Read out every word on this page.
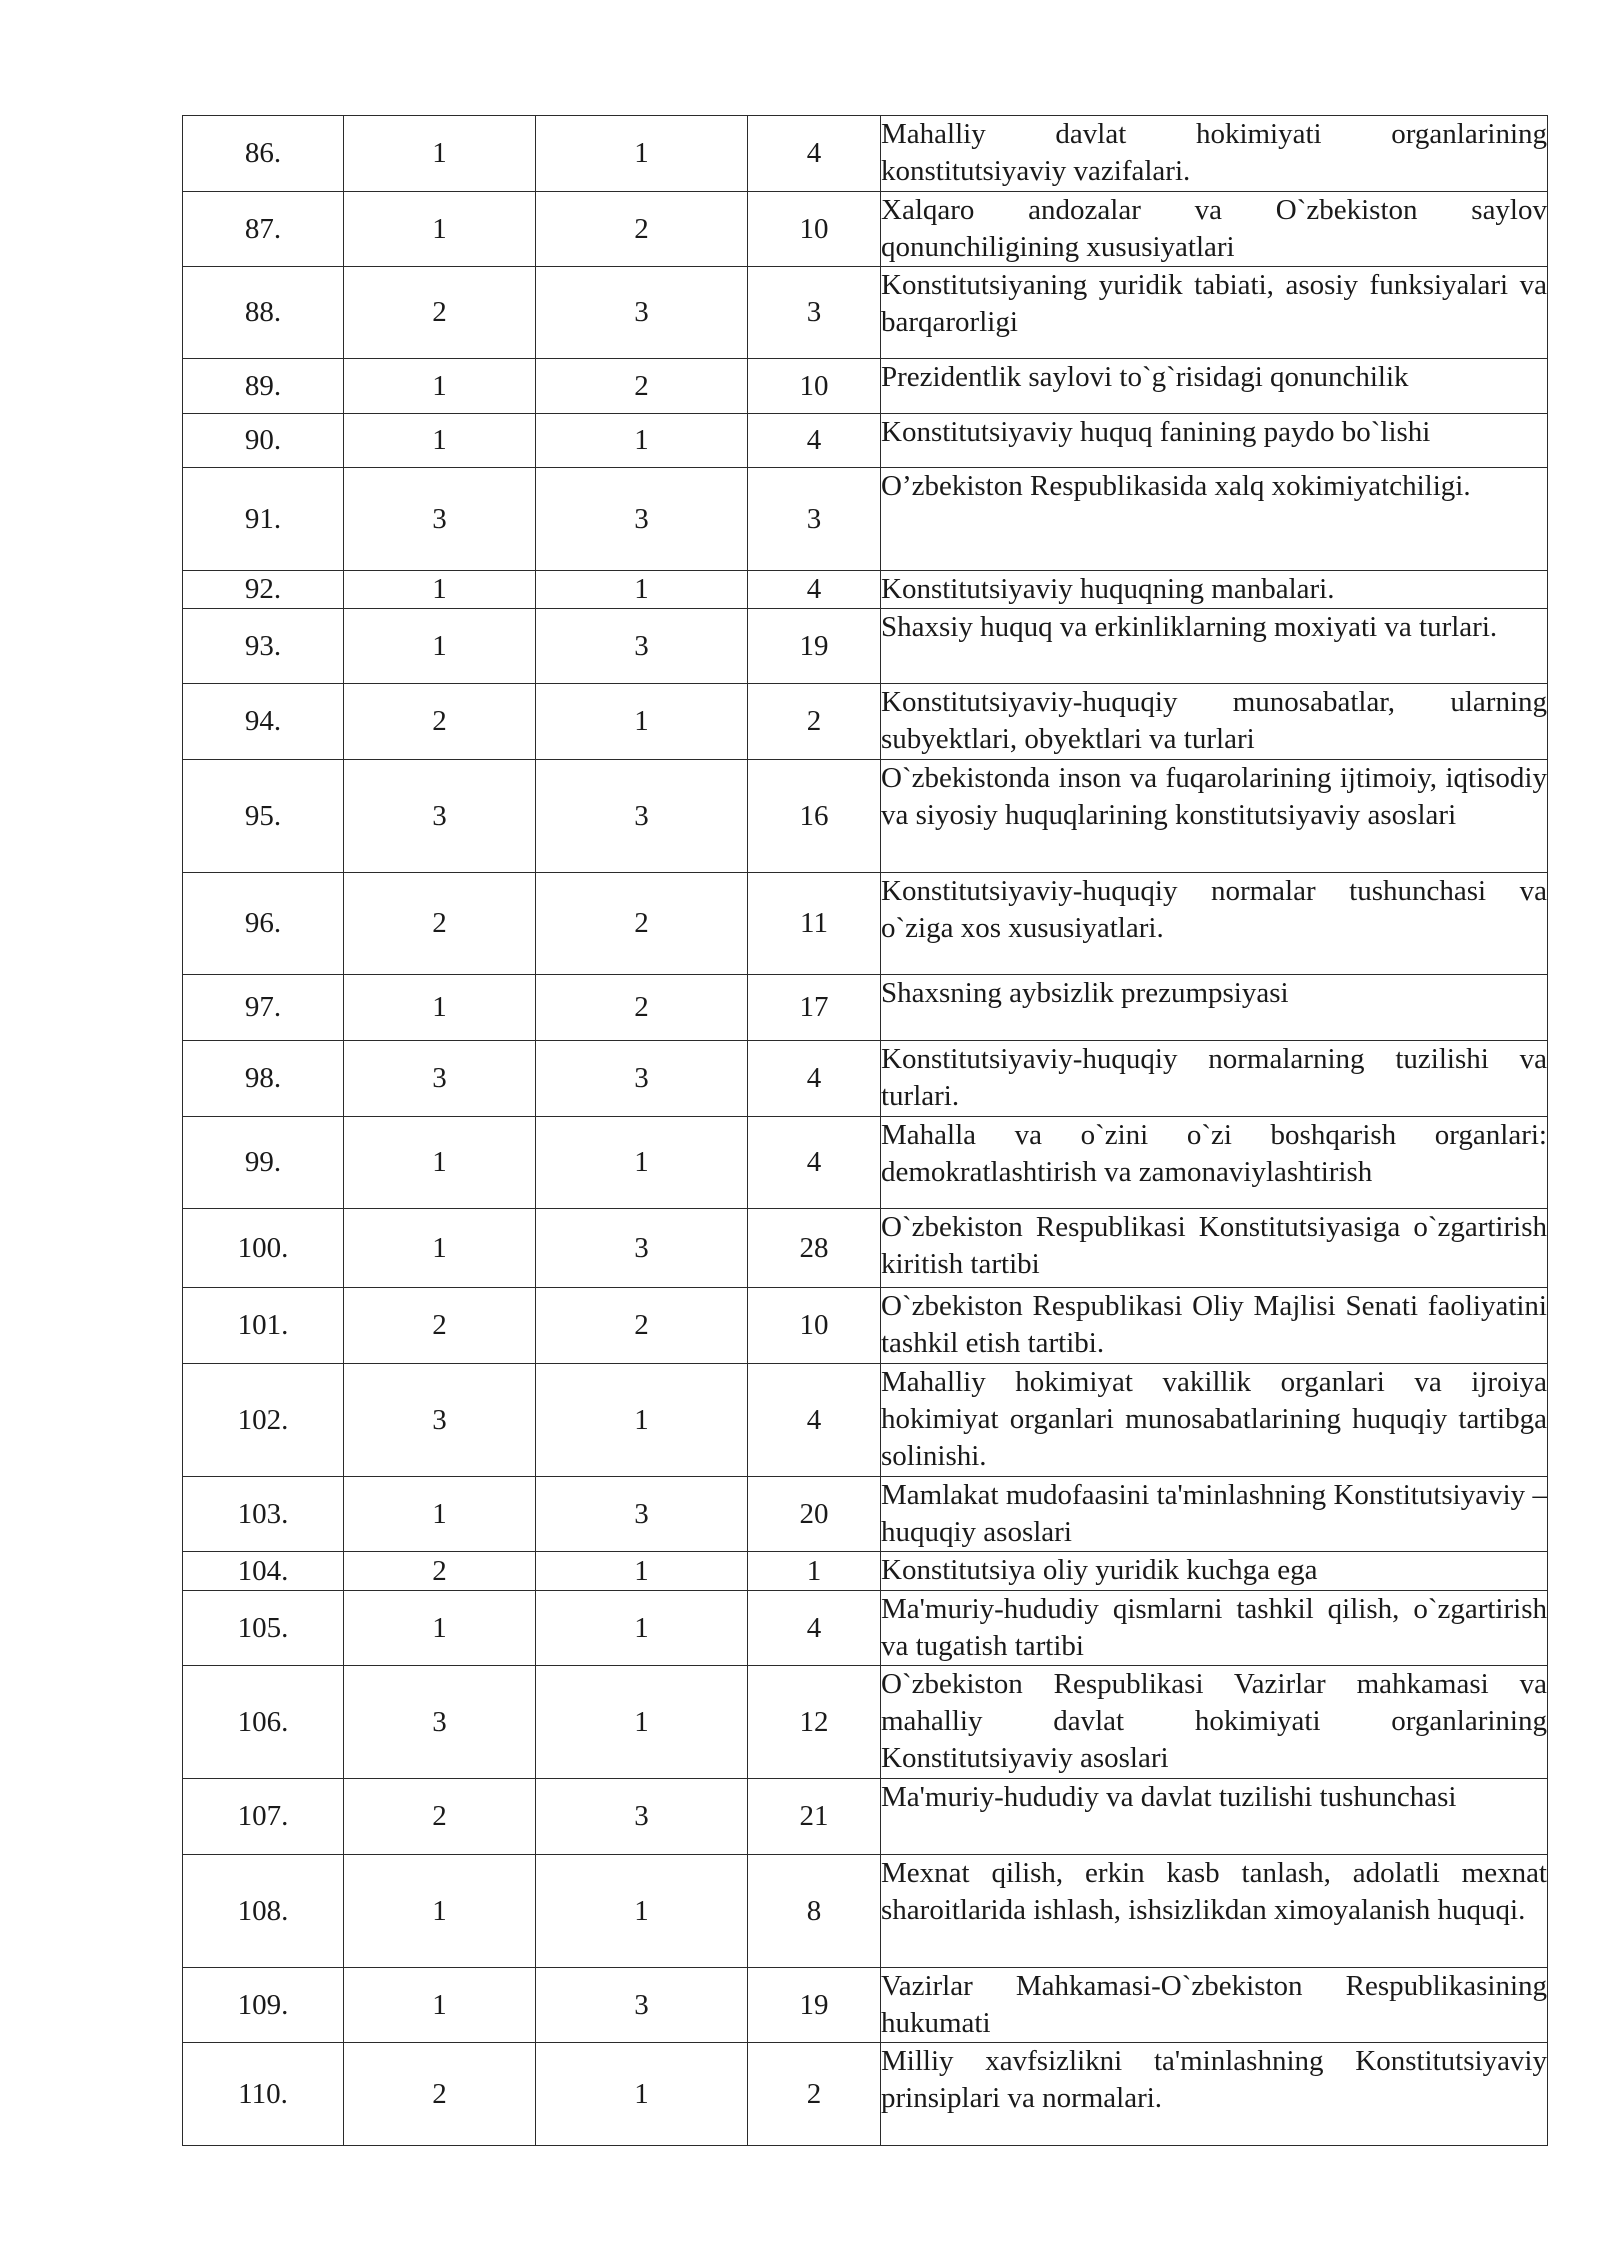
86.	1	1	4	Mahalliy davlat hokimiyati organlarining konstitutsiyaviy vazifalari.
87.	1	2	10	Xalqaro andozalar va O`zbekiston saylov qonunchiligining xususiyatlari
88.	2	3	3	Konstitutsiyaning yuridik tabiati, asosiy funksiyalari va barqarorligi
89.	1	2	10	Prezidentlik saylovi to`g`risidagi qonunchilik
90.	1	1	4	Konstitutsiyaviy huquq fanining paydo bo`lishi
91.	3	3	3	O’zbekiston Respublikasida xalq xokimiyatchiligi.
92.	1	1	4	Konstitutsiyaviy huquqning manbalari.
93.	1	3	19	Shaxsiy huquq va erkinliklarning moxiyati va turlari.
94.	2	1	2	Konstitutsiyaviy-huquqiy munosabatlar, ularning subyektlari, obyektlari va turlari
95.	3	3	16	O`zbekistonda inson va fuqarolarining ijtimoiy, iqtisodiy va siyosiy huquqlarining konstitutsiyaviy asoslari
96.	2	2	11	Konstitutsiyaviy-huquqiy normalar tushunchasi va o`ziga xos xususiyatlari.
97.	1	2	17	Shaxsning aybsizlik prezumpsiyasi
98.	3	3	4	Konstitutsiyaviy-huquqiy normalarning tuzilishi va turlari.
99.	1	1	4	Mahalla va o`zini o`zi boshqarish organlari: demokratlashtirish va zamonaviylashtirish
100.	1	3	28	O`zbekiston Respublikasi Konstitutsiyasiga o`zgartirish kiritish tartibi
101.	2	2	10	O`zbekiston Respublikasi Oliy Majlisi Senati faoliyatini tashkil etish tartibi.
102.	3	1	4	Mahalliy hokimiyat vakillik organlari va ijroiya hokimiyat organlari munosabatlarining huquqiy tartibga solinishi.
103.	1	3	20	Mamlakat mudofaasini ta'minlashning Konstitutsiyaviy –huquqiy asoslari
104.	2	1	1	Konstitutsiya oliy yuridik kuchga ega
105.	1	1	4	Ma'muriy-hududiy qismlarni tashkil qilish, o`zgartirish va tugatish tartibi
106.	3	1	12	O`zbekiston Respublikasi Vazirlar mahkamasi va mahalliy davlat hokimiyati organlarining Konstitutsiyaviy asoslari
107.	2	3	21	Ma'muriy-hududiy va davlat tuzilishi tushunchasi
108.	1	1	8	Mexnat qilish, erkin kasb tanlash, adolatli mexnat sharoitlarida ishlash, ishsizlikdan ximoyalanish huquqi.
109.	1	3	19	Vazirlar Mahkamasi-O`zbekiston Respublikasining hukumati
110.	2	1	2	Milliy xavfsizlikni ta'minlashning Konstitutsiyaviy prinsiplari va normalari.
